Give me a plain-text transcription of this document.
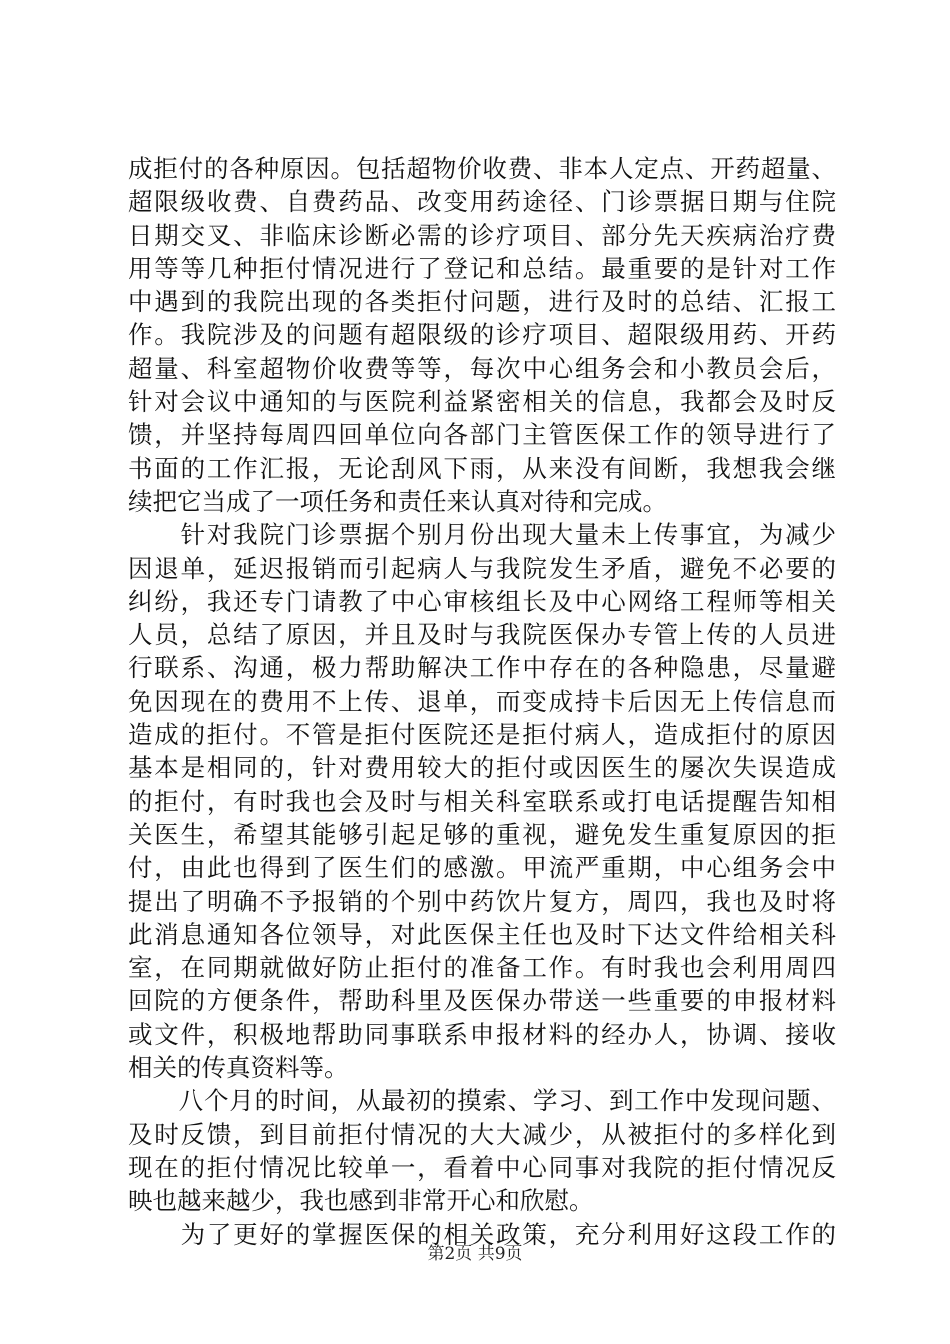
成拒付的各种原因。包括超物价收费、非本人定点、开药超量、
超限级收费、自费药品、改变用药途径、门诊票据日期与住院
日期交叉、非临床诊断必需的诊疗项目、部分先天疾病治疗费
用等等几种拒付情况进行了登记和总结。最重要的是针对工作
中遇到的我院出现的各类拒付问题，进行及时的总结、汇报工
作。我院涉及的问题有超限级的诊疗项目、超限级用药、开药
超量、科室超物价收费等等，每次中心组务会和小教员会后，
针对会议中通知的与医院利益紧密相关的信息，我都会及时反
馈，并坚持每周四回单位向各部门主管医保工作的领导进行了
书面的工作汇报，无论刮风下雨，从来没有间断，我想我会继
续把它当成了一项任务和责任来认真对待和完成。
　　针对我院门诊票据个别月份出现大量未上传事宜，为减少
因退单，延迟报销而引起病人与我院发生矛盾，避免不必要的
纠纷，我还专门请教了中心审核组长及中心网络工程师等相关
人员，总结了原因，并且及时与我院医保办专管上传的人员进
行联系、沟通，极力帮助解决工作中存在的各种隐患，尽量避
免因现在的费用不上传、退单，而变成持卡后因无上传信息而
造成的拒付。不管是拒付医院还是拒付病人，造成拒付的原因
基本是相同的，针对费用较大的拒付或因医生的屡次失误造成
的拒付，有时我也会及时与相关科室联系或打电话提醒告知相
关医生，希望其能够引起足够的重视，避免发生重复原因的拒
付，由此也得到了医生们的感激。甲流严重期，中心组务会中
提出了明确不予报销的个别中药饮片复方，周四，我也及时将
此消息通知各位领导，对此医保主任也及时下达文件给相关科
室，在同期就做好防止拒付的准备工作。有时我也会利用周四
回院的方便条件，帮助科里及医保办带送一些重要的申报材料
或文件，积极地帮助同事联系申报材料的经办人，协调、接收
相关的传真资料等。
　　八个月的时间，从最初的摸索、学习、到工作中发现问题、
及时反馈，到目前拒付情况的大大减少，从被拒付的多样化到
现在的拒付情况比较单一，看着中心同事对我院的拒付情况反
映也越来越少，我也感到非常开心和欣慰。
　　为了更好的掌握医保的相关政策，充分利用好这段工作的
第2页 共9页
